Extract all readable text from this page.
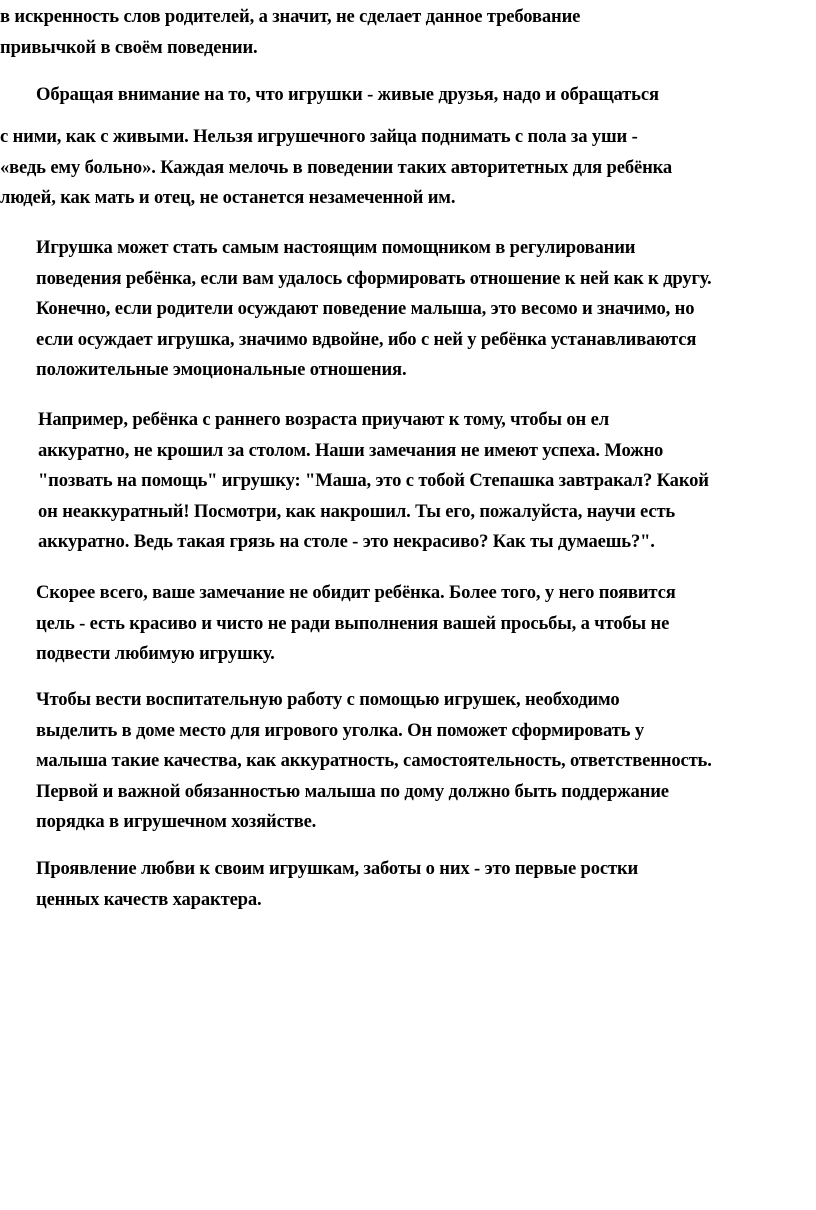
в искренность слов родителей, а значит, не сделает данное требование
привычкой в своём поведении.

Обращая внимание на то, что игрушки - живые друзья, надо и обращаться

с ними, как с живыми. Нельзя игрушечного зайца поднимать с пола за уши -
«ведь ему больно». Каждая мелочь в поведении таких авторитетных для ребёнка
людей, как мать и отец, не останется незамеченной им.

Игрушка может стать самым настоящим помощником в регулировании
поведения ребёнка, если вам удалось сформировать отношение к ней как к другу.
Конечно, если родители осуждают поведение малыша, это весомо и значимо, но
если осуждает игрушка, значимо вдвойне, ибо с ней у ребёнка устанавливаются
положительные эмоциональные отношения.

Например, ребёнка с раннего возраста приучают к тому, чтобы он ел
аккуратно, не крошил за столом. Наши замечания не имеют успеха. Можно
"позвать на помощь" игрушку: "Маша, это с тобой Степашка завтракал? Какой
он неаккуратный! Посмотри, как накрошил. Ты его, пожалуйста, научи есть
аккуратно. Ведь такая грязь на столе - это некрасиво? Как ты думаешь?".

Скорее всего, ваше замечание не обидит ребёнка. Более того, у него появится
цель - есть красиво и чисто не ради выполнения вашей просьбы, а чтобы не
подвести любимую игрушку.

Чтобы вести воспитательную работу с помощью игрушек, необходимо
выделить в доме место для игрового уголка. Он поможет сформировать у
малыша такие качества, как аккуратность, самостоятельность, ответственность.
Первой и важной обязанностью малыша по дому должно быть поддержание
порядка в игрушечном хозяйстве.

Проявление любви к своим игрушкам, заботы о них - это первые ростки
ценных качеств характера.
